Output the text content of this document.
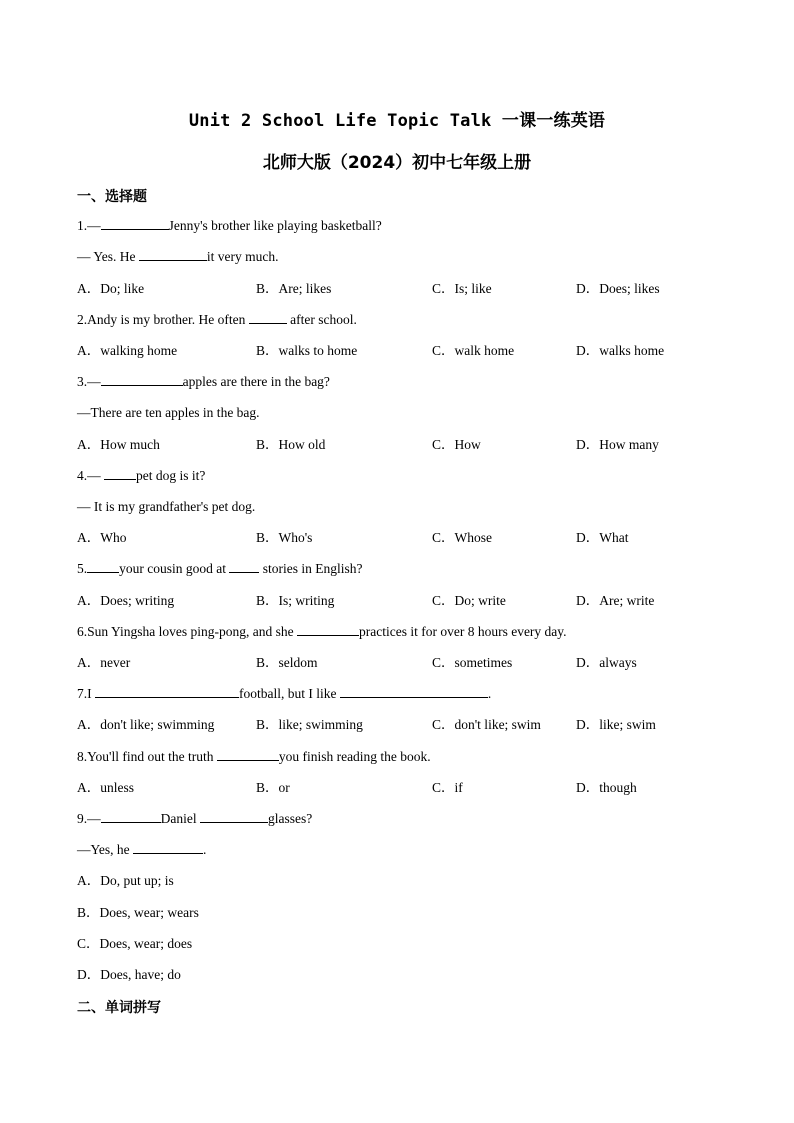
Unit 2 School Life Topic Talk 一课一练英语
北师大版（2024）初中七年级上册
一、选择题
1.—	Jenny's brother like playing basketball?
— Yes. He	it very much.
A．Do; like	B．Are; likes	C．Is; like	D．Does; likes
2.Andy is my brother. He often	after school.
A．walking home	B．walks to home	C．walk home	D．walks home
3.—	apples are there in the bag?
—There are ten apples in the bag.
A．How much	B．How old	C．How	D．How many
4.— pet dog is it?
— It is my grandfather's pet dog.
A．Who	B．Who's	C．Whose	D．What
5. your cousin good at  stories in English?
A．Does; writing	B．Is; writing	C．Do; write	D．Are; write
6.Sun Yingsha loves ping-pong, and she	practices it for over 8 hours every day.
A．never	B．seldom	C．sometimes	D．always
7.I	football, but I like	.
A．don't like; swimming	B．like; swimming	C．don't like; swim	D．like; swim
8.You'll find out the truth	you finish reading the book.
A．unless	B．or	C．if	D．though
9.—	Daniel	glasses?
—Yes, he	.
A．Do, put up; is
B．Does, wear; wears
C．Does, wear; does
D．Does, have; do
二、单词拼写
